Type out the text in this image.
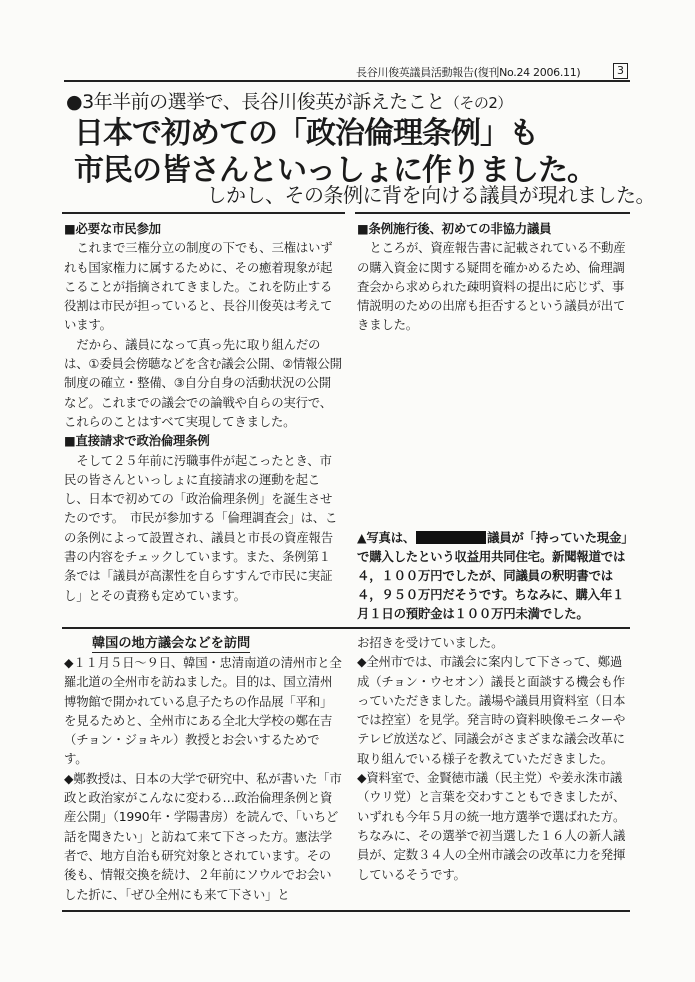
長谷川俊英議員活動報告(復刊No.24 2006.11)	3
●3年半前の選挙で、長谷川俊英が訴えたこと（その2）
日本で初めての「政治倫理条例」も
市民の皆さんといっしょに作りました。
しかし、その条例に背を向ける議員が現れました。
■必要な市民参加

これまで三権分立の制度の下でも、三権はいずれも国家権力に属するために、その癒着現象が起こることが指摘されてきました。これを防止する役割は市民が担っていると、長谷川俊英は考えています。

だから、議員になって真っ先に取り組んだのは、①委員会傍聴などを含む議会公開、②情報公開制度の確立・整備、③自分自身の活動状況の公開など。これまでの議会での論戦や自らの実行で、これらのことはすべて実現してきました。

■直接請求で政治倫理条例

そして２５年前に汚職事件が起こったとき、市民の皆さんといっしょに直接請求の運動を起こし、日本で初めての「政治倫理条例」を誕生させたのです。　市民が参加する「倫理調査会」は、この条例によって設置され、議員と市長の資産報告書の内容をチェックしています。また、条例第１条では「議員が高潔性を自らすすんで市民に実証し」とその責務も定めています。

■条例施行後、初めての非協力議員

ところが、資産報告書に記載されている不動産の購入資金に関する疑問を確かめるため、倫理調査会から求められた疎明資料の提出に応じず、事情説明のための出席も拒否するという議員が出てきました。

▲写真は、	議員が「持っていた現金」で購入したという収益用共同住宅。新聞報道では４，１００万円でしたが、同議員の釈明書では４，９５０万円だそうです。ちなみに、購入年１月１日の預貯金は１００万円未満でした。
韓国の地方議会などを訪問

◆１１月５日～９日、韓国・忠清南道の清州市と全羅北道の全州市を訪ねました。目的は、国立清州博物館で開かれている息子たちの作品展「平和」を見るためと、全州市にある全北大学校の鄭在吉（チョン・ジョキル）教授とお会いするためです。

◆鄭教授は、日本の大学で研究中、私が書いた「市政と政治家がこんなに変わる…政治倫理条例と資産公開」（1990年・学陽書房）を読んで、「いちど話を聞きたい」と訪ねて来て下さった方。憲法学者で、地方自治も研究対象とされています。その後も、情報交換を続け、２年前にソウルでお会いした折に、「ぜひ全州にも来て下さい」と

お招きを受けていました。

◆全州市では、市議会に案内して下さって、鄭過成（チョン・ウセオン）議長と面談する機会も作っていただきました。議場や議員用資料室（日本では控室）を見学。発言時の資料映像モニターやテレビ放送など、同議会がさまざまな議会改革に取り組んでいる様子を教えていただきました。

◆資料室で、金賢徳市議（民主党）や姜永洙市議（ウリ党）と言葉を交わすこともできましたが、いずれも今年５月の統一地方選挙で選ばれた方。ちなみに、その選挙で初当選した１６人の新人議員が、定数３４人の全州市議会の改革に力を発揮しているそうです。
